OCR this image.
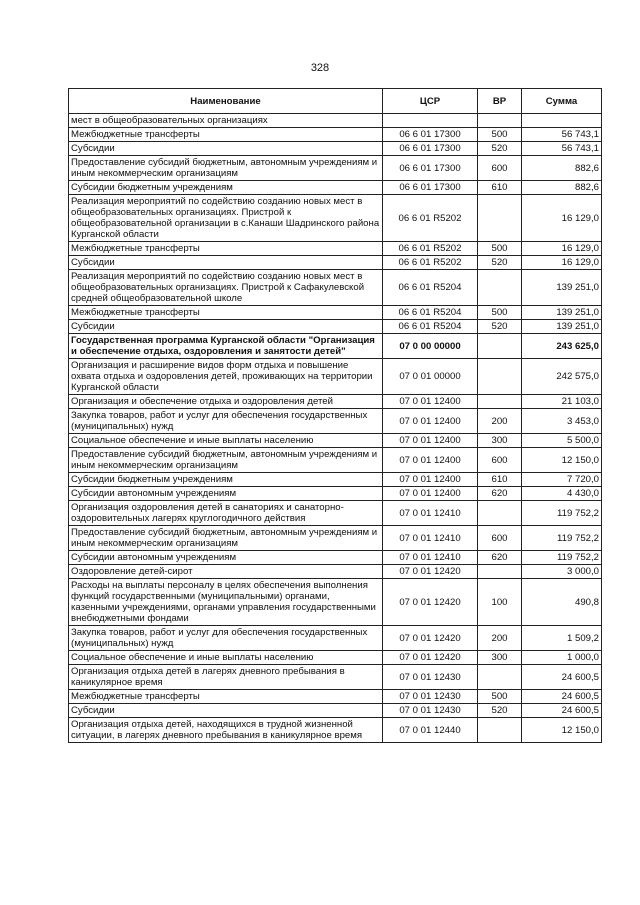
328
Наименование	ЦСР	ВР	Сумма
мест в общеобразовательных организациях			
Межбюджетные трансферты	06 6 01 17300	500	56 743,1
Субсидии	06 6 01 17300	520	56 743,1
Предоставление субсидий бюджетным, автономным учреждениям и иным некоммерческим организациям	06 6 01 17300	600	882,6
Субсидии бюджетным учреждениям	06 6 01 17300	610	882,6
Реализация мероприятий по содействию созданию новых мест в общеобразовательных организациях. Пристрой к общеобразовательной организации в с.Канаши Шадринского района Курганской области	06 6 01 R5202		16 129,0
Межбюджетные трансферты	06 6 01 R5202	500	16 129,0
Субсидии	06 6 01 R5202	520	16 129,0
Реализация мероприятий по содействию созданию новых мест в общеобразовательных организациях. Пристрой к Сафакулевской средней общеобразовательной школе	06 6 01 R5204		139 251,0
Межбюджетные трансферты	06 6 01 R5204	500	139 251,0
Субсидии	06 6 01 R5204	520	139 251,0
Государственная программа Курганской области "Организация и обеспечение отдыха, оздоровления и занятости детей"	07 0 00 00000		243 625,0
Организация и расширение видов форм отдыха и повышение охвата отдыха и оздоровления детей, проживающих на территории Курганской области	07 0 01 00000		242 575,0
Организация и обеспечение отдыха и оздоровления детей	07 0 01 12400		21 103,0
Закупка товаров, работ и услуг для обеспечения государственных (муниципальных) нужд	07 0 01 12400	200	3 453,0
Социальное обеспечение и иные выплаты населению	07 0 01 12400	300	5 500,0
Предоставление субсидий бюджетным, автономным учреждениям и иным некоммерческим организациям	07 0 01 12400	600	12 150,0
Субсидии бюджетным учреждениям	07 0 01 12400	610	7 720,0
Субсидии автономным учреждениям	07 0 01 12400	620	4 430,0
Организация оздоровления детей в санаториях и санаторно-оздоровительных лагерях круглогодичного действия	07 0 01 12410		119 752,2
Предоставление субсидий бюджетным, автономным учреждениям и иным некоммерческим организациям	07 0 01 12410	600	119 752,2
Субсидии автономным учреждениям	07 0 01 12410	620	119 752,2
Оздоровление детей-сирот	07 0 01 12420		3 000,0
Расходы на выплаты персоналу в целях обеспечения выполнения функций государственными (муниципальными) органами, казенными учреждениями, органами управления государственными внебюджетными фондами	07 0 01 12420	100	490,8
Закупка товаров, работ и услуг для обеспечения государственных (муниципальных) нужд	07 0 01 12420	200	1 509,2
Социальное обеспечение и иные выплаты населению	07 0 01 12420	300	1 000,0
Организация отдыха детей в лагерях дневного пребывания в каникулярное время	07 0 01 12430		24 600,5
Межбюджетные трансферты	07 0 01 12430	500	24 600,5
Субсидии	07 0 01 12430	520	24 600,5
Организация отдыха детей, находящихся в трудной жизненной ситуации, в лагерях дневного пребывания в каникулярное время	07 0 01 12440		12 150,0
